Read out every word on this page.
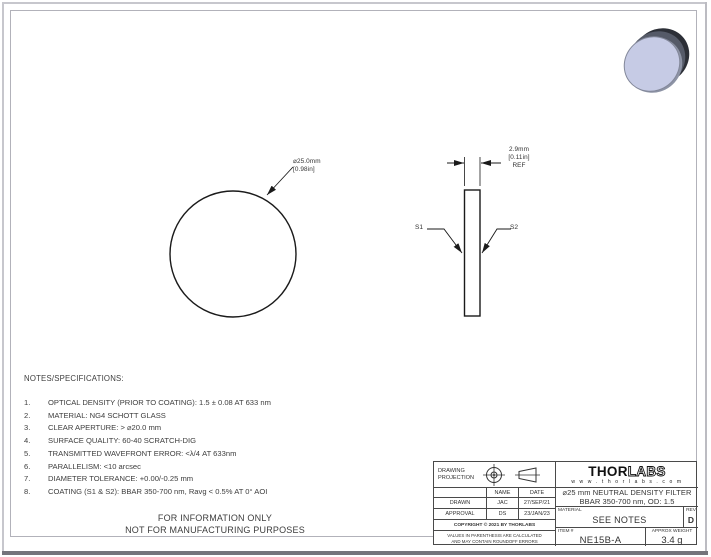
⌀25.0mm
[0.98in]
2.9mm
[0.11in]
REF
S1	S2
NOTES/SPECIFICATIONS:
1.	OPTICAL DENSITY (PRIOR TO COATING): 1.5 ± 0.08 AT 633 nm
2.	MATERIAL: NG4 SCHOTT GLASS
3.	CLEAR APERTURE: > ⌀20.0 mm
4.	SURFACE QUALITY: 60-40 SCRATCH-DIG
5.	TRANSMITTED WAVEFRONT ERROR: <λ/4 AT 633nm
6.	PARALLELISM: <10 arcsec
7.	DIAMETER TOLERANCE: +0.00/-0.25 mm
8.	COATING (S1 & S2): BBAR 350-700 nm, Ravg < 0.5% AT 0° AOI
FOR INFORMATION ONLY
NOT FOR MANUFACTURING PURPOSES
DRAWING PROJECTION
NAME	DATE
DRAWN	JAC	27/SEP/21
APPROVAL	DS	23/JAN/23
COPYRIGHT © 2021 BY THORLABS
VALUES IN PARENTHESIS ARE CALCULATED
AND MAY CONTAIN ROUNDOFF ERRORS
THORLABS
w w w . t h o r l a b s . c o m
⌀25 mm NEUTRAL DENSITY FILTER
BBAR 350-700 nm, OD: 1.5
MATERIAL
SEE NOTES
REV
D
ITEM #
NE15B-A
APPROX WEIGHT
3.4 g
